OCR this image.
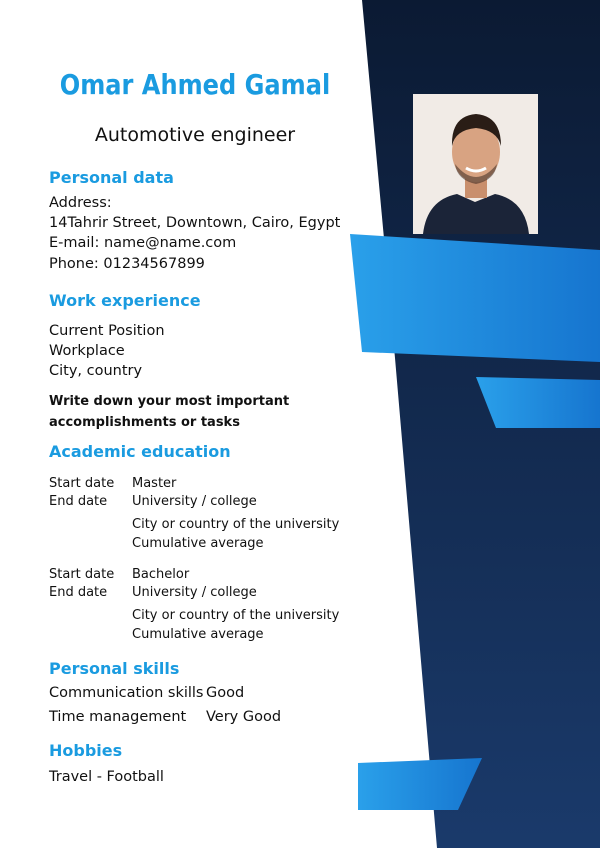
Omar Ahmed Gamal
Automotive engineer
Personal data
Address:
14Tahrir Street, Downtown, Cairo, Egypt
E-mail: name@name.com
Phone: 01234567899
Work experience
Current Position
Workplace
City, country
Write down your most important
accomplishments or tasks
Academic education
Start date
End date
Master
University / college
City or country of the university
Cumulative average
Start date
End date
Bachelor
University / college
City or country of the university
Cumulative average
Personal skills
Communication skills Good
Time management Very Good
Hobbies
Travel - Football
